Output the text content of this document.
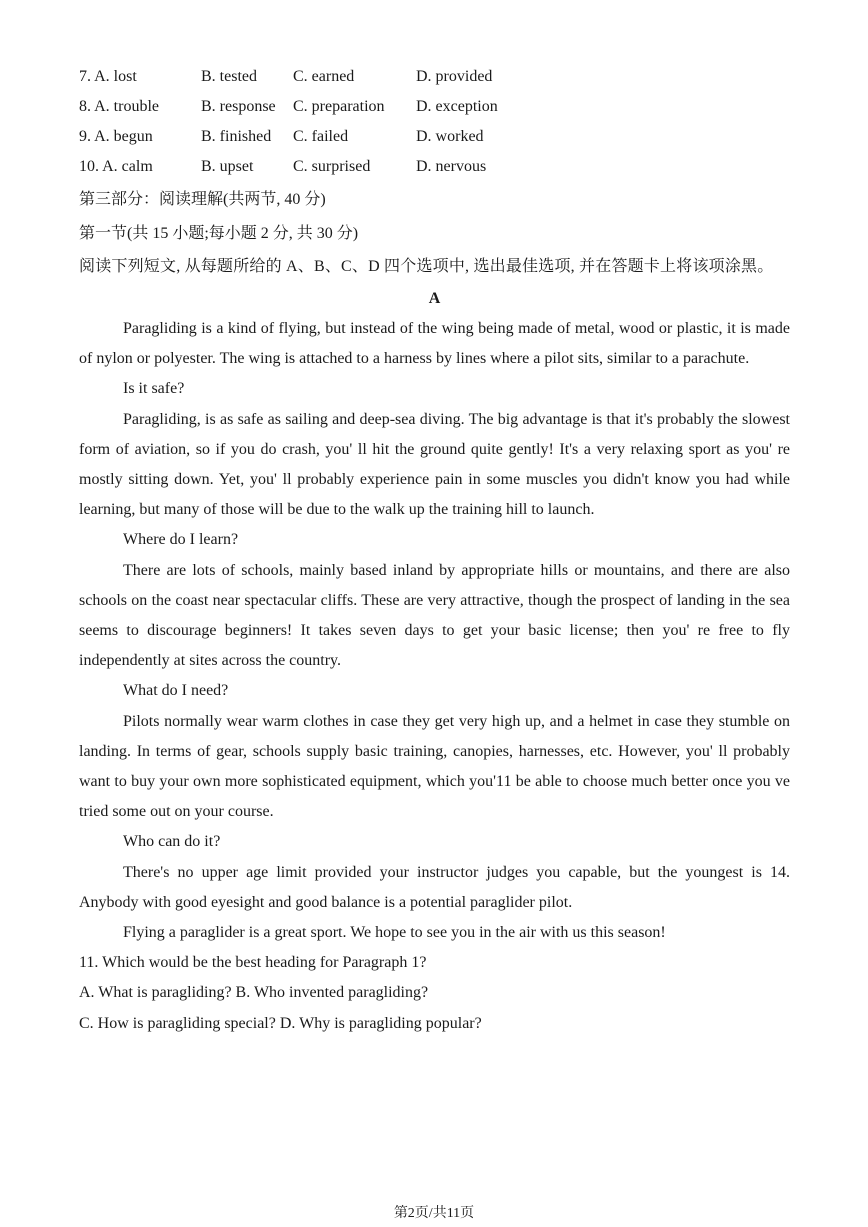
7. A. lost	B. tested C. earned	D. provided
8. A. trouble	B. response C. preparation D. exception
9. A. begun	B. finished C. failed	D. worked
10. A. calm	B. upset C. surprised	D. nervous
第三部分：阅读理解(共两节, 40 分)
第一节(共 15 小题;每小题 2 分, 共 30 分)
阅读下列短文, 从每题所给的 A、B、C、D 四个选项中, 选出最佳选项, 并在答题卡上将该项涂黑。
A

Paragliding is a kind of flying, but instead of the wing being made of metal, wood or plastic, it is made of nylon or polyester. The wing is attached to a harness by lines where a pilot sits, similar to a parachute.

Is it safe?

Paragliding, is as safe as sailing and deep-sea diving. The big advantage is that it's probably the slowest form of aviation, so if you do crash, you' ll hit the ground quite gently! It's a very relaxing sport as you' re mostly sitting down. Yet, you' ll probably experience pain in some muscles you didn't know you had while learning, but many of those will be due to the walk up the training hill to launch.

Where do I learn?

There are lots of schools, mainly based inland by appropriate hills or mountains, and there are also schools on the coast near spectacular cliffs. These are very attractive, though the prospect of landing in the sea seems to discourage beginners! It takes seven days to get your basic license; then you' re free to fly independently at sites across the country.

What do I need?

Pilots normally wear warm clothes in case they get very high up, and a helmet in case they stumble on landing. In terms of gear, schools supply basic training, canopies, harnesses, etc. However, you' ll probably want to buy your own more sophisticated equipment, which you'11 be able to choose much better once you ve tried some out on your course.

Who can do it?

There's no upper age limit provided your instructor judges you capable, but the youngest is 14. Anybody with good eyesight and good balance is a potential paraglider pilot.

Flying a paraglider is a great sport. We hope to see you in the air with us this season!

11. Which would be the best heading for Paragraph 1?

A. What is paragliding? B. Who invented paragliding?

C. How is paragliding special? D. Why is paragliding popular?

第2页/共11页
